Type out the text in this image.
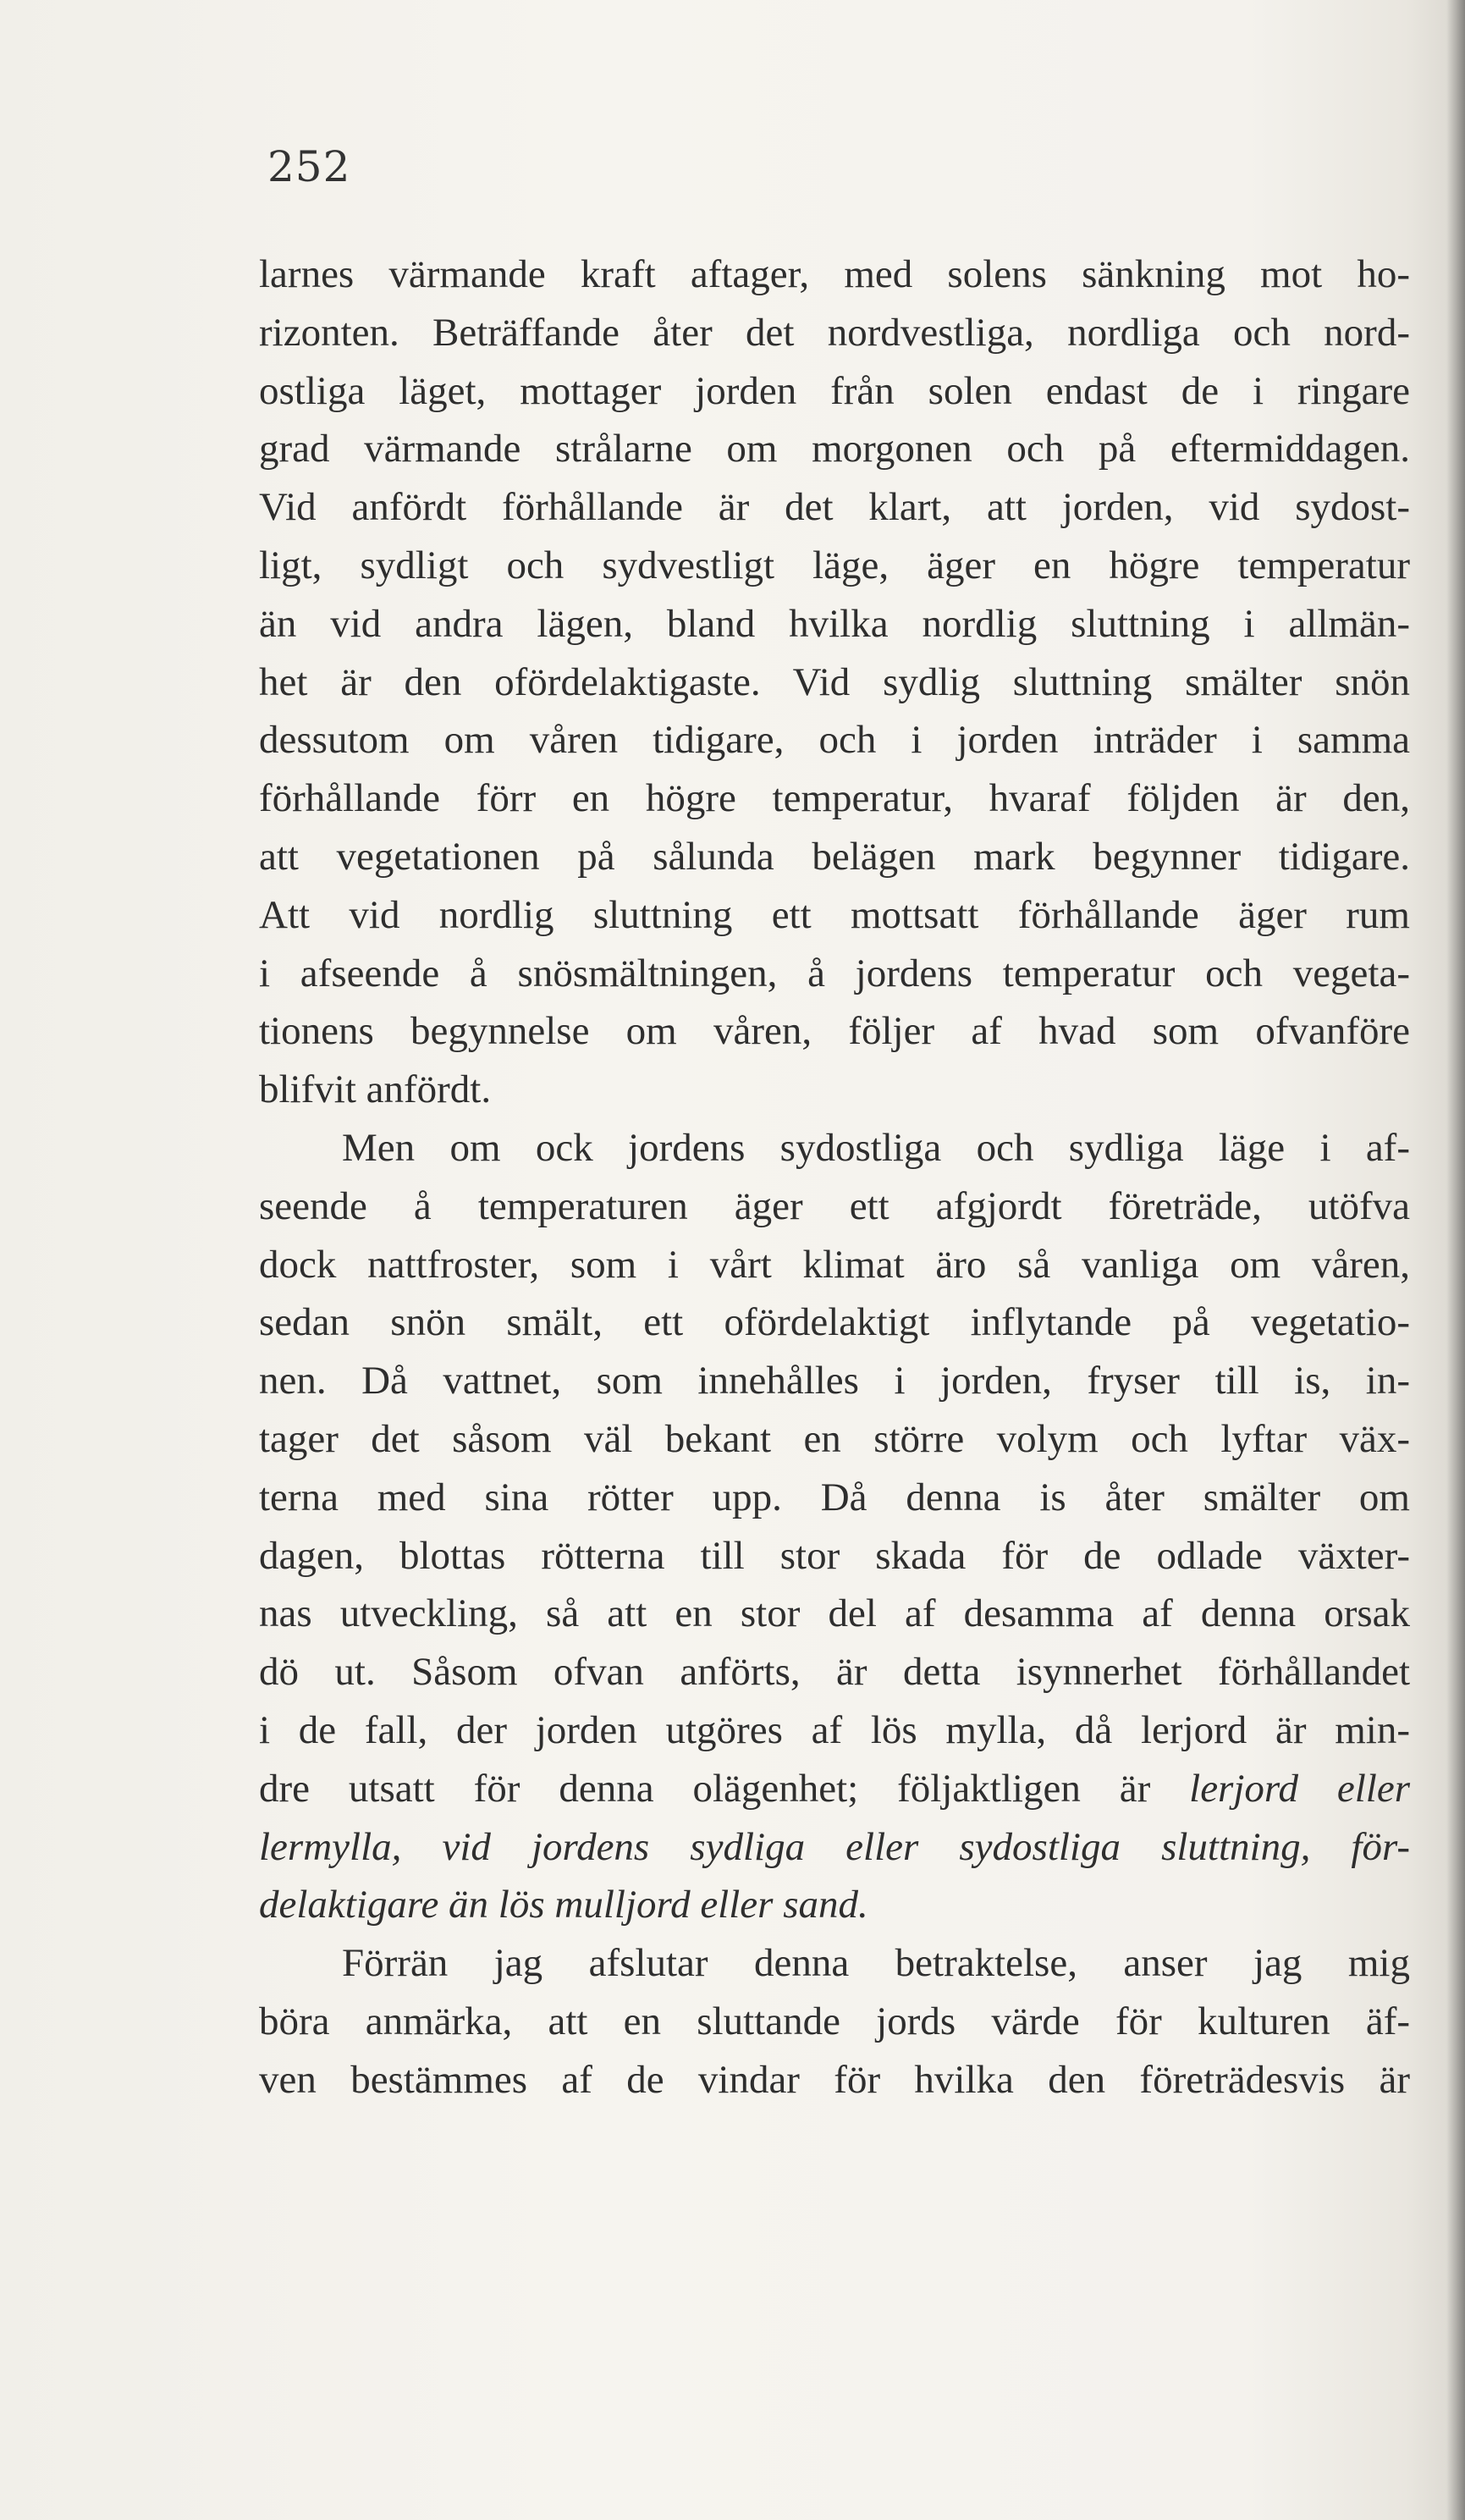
252
larnes värmande kraft aftager, med solens sänkning mot ho-
rizonten. Beträffande åter det nordvestliga, nordliga och nord-
ostliga läget, mottager jorden från solen endast de i ringare
grad värmande strålarne om morgonen och på eftermiddagen.
Vid anfördt förhållande är det klart, att jorden, vid sydost-
ligt, sydligt och sydvestligt läge, äger en högre temperatur
än vid andra lägen, bland hvilka nordlig sluttning i allmän-
het är den ofördelaktigaste. Vid sydlig sluttning smälter snön
dessutom om våren tidigare, och i jorden inträder i samma
förhållande förr en högre temperatur, hvaraf följden är den,
att vegetationen på sålunda belägen mark begynner tidigare.
Att vid nordlig sluttning ett mottsatt förhållande äger rum
i afseende å snösmältningen, å jordens temperatur och vegeta-
tionens begynnelse om våren, följer af hvad som ofvanföre
blifvit anfördt.
Men om ock jordens sydostliga och sydliga läge i af-
seende å temperaturen äger ett afgjordt företräde, utöfva
dock nattfroster, som i vårt klimat äro så vanliga om våren,
sedan snön smält, ett ofördelaktigt inflytande på vegetatio-
nen. Då vattnet, som innehålles i jorden, fryser till is, in-
tager det såsom väl bekant en större volym och lyftar väx-
terna med sina rötter upp. Då denna is åter smälter om
dagen, blottas rötterna till stor skada för de odlade växter-
nas utveckling, så att en stor del af desamma af denna orsak
dö ut. Såsom ofvan anförts, är detta isynnerhet förhållandet
i de fall, der jorden utgöres af lös mylla, då lerjord är min-
dre utsatt för denna olägenhet; följaktligen är lerjord eller
lermylla, vid jordens sydliga eller sydostliga sluttning, för-
delaktigare än lös mulljord eller sand.
Förrän jag afslutar denna betraktelse, anser jag mig
böra anmärka, att en sluttande jords värde för kulturen äf-
ven bestämmes af de vindar för hvilka den företrädesvis är
